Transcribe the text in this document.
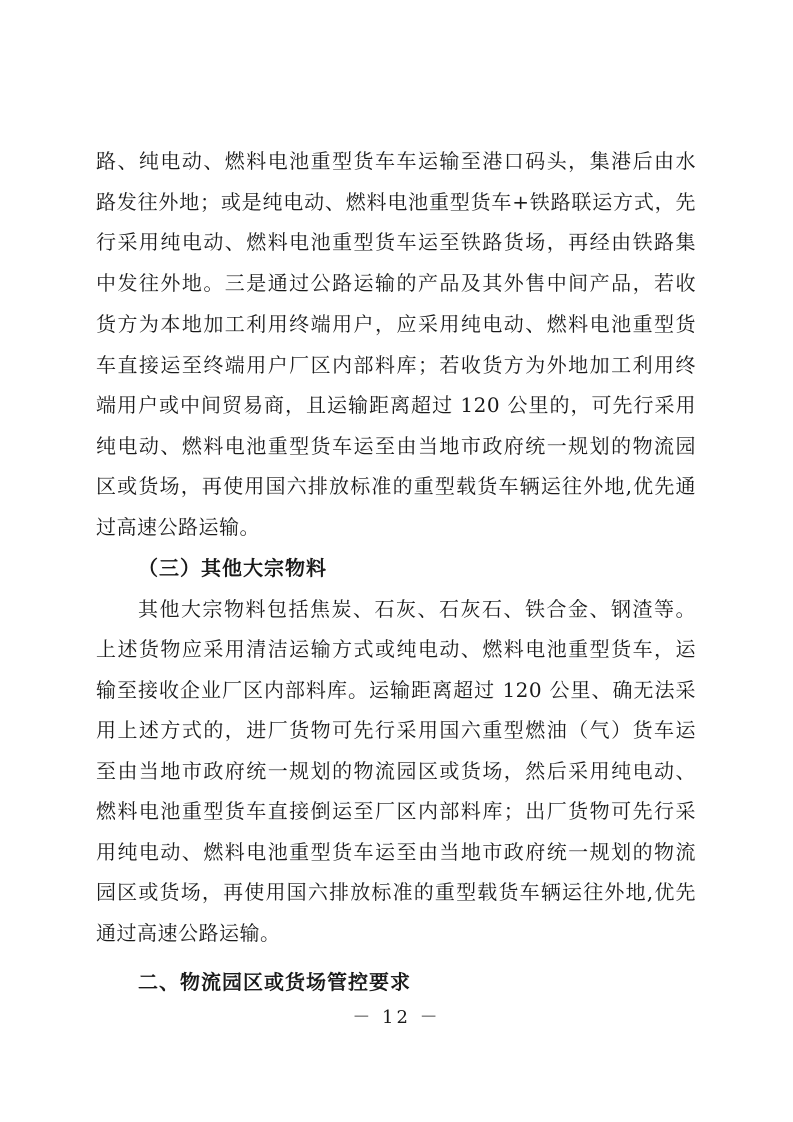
路、纯电动、燃料电池重型货车车运输至港口码头，集港后由水
路发往外地；或是纯电动、燃料电池重型货车+铁路联运方式，先
行采用纯电动、燃料电池重型货车运至铁路货场，再经由铁路集
中发往外地。三是通过公路运输的产品及其外售中间产品，若收
货方为本地加工利用终端用户，应采用纯电动、燃料电池重型货
车直接运至终端用户厂区内部料库；若收货方为外地加工利用终
端用户或中间贸易商，且运输距离超过 120 公里的，可先行采用
纯电动、燃料电池重型货车运至由当地市政府统一规划的物流园
区或货场，再使用国六排放标准的重型载货车辆运往外地,优先通
过高速公路运输。
（三）其他大宗物料
其他大宗物料包括焦炭、石灰、石灰石、铁合金、钢渣等。
上述货物应采用清洁运输方式或纯电动、燃料电池重型货车，运
输至接收企业厂区内部料库。运输距离超过 120 公里、确无法采
用上述方式的，进厂货物可先行采用国六重型燃油（气）货车运
至由当地市政府统一规划的物流园区或货场，然后采用纯电动、
燃料电池重型货车直接倒运至厂区内部料库；出厂货物可先行采
用纯电动、燃料电池重型货车运至由当地市政府统一规划的物流
园区或货场，再使用国六排放标准的重型载货车辆运往外地,优先
通过高速公路运输。
二、物流园区或货场管控要求
－ 12 －
